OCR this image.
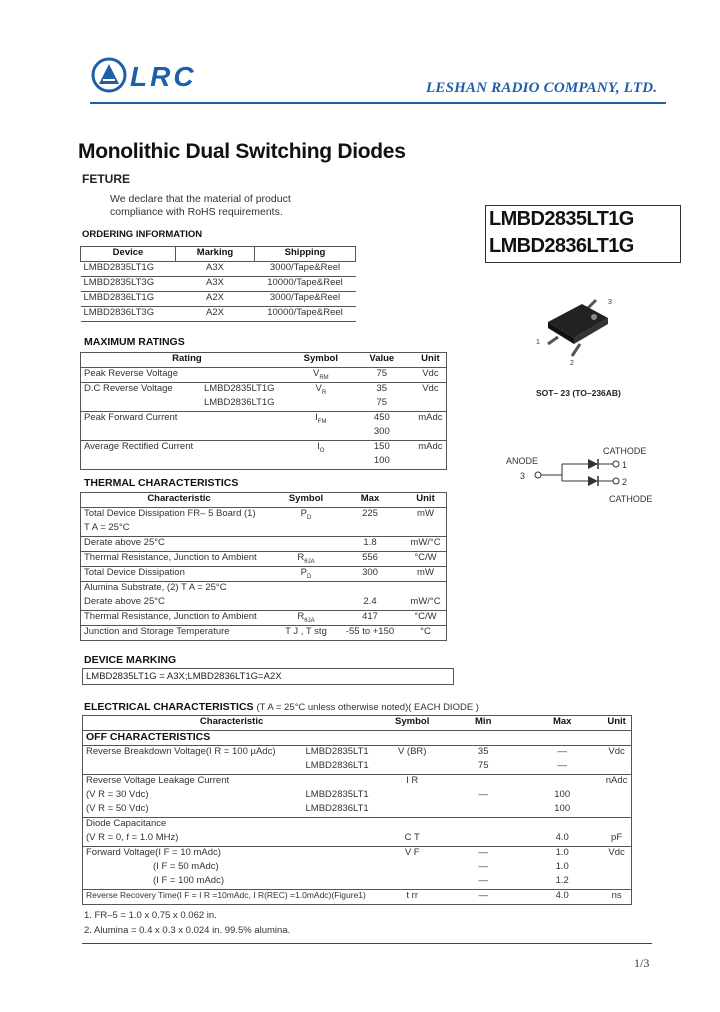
LRC	LESHAN RADIO COMPANY, LTD.
Monolithic Dual Switching Diodes
FETURE
We declare that the material of product
compliance with RoHS requirements.	LMBD2835LT1G
LMBD2836LT1G
ORDERING INFORMATION
Device	Marking	Shipping
LMBD2835LT1G	A3X	3000/Tape&Reel
LMBD2835LT3G	A3X	10000/Tape&Reel
LMBD2836LT1G	A2X	3000/Tape&Reel
LMBD2836LT3G	A2X	10000/Tape&Reel
MAXIMUM RATINGS
Rating		Symbol	Value	Unit
Peak Reverse Voltage		$V_{RM}$	75	Vdc
D.C Reverse Voltage	LMBD2835LT1G	$V_R$	35	Vdc
	LMBD2836LT1G		75	
Peak Forward Current		$I_{FM}$	450	mAdc
			300	
Average Rectified Current		$I_O$	150	mAdc
			100	
3
1
2
SOT– 23 (TO–236AB)
CATHODE
ANODE
3
1
2
CATHODE
THERMAL CHARACTERISTICS
Characteristic	Symbol	Max	Unit
Total Device Dissipation FR– 5 Board (1)	$P_D$	225	mW
T A = 25°C			
Derate above 25°C		1.8	mW/°C
Thermal Resistance, Junction to Ambient	$R_{\theta JA}$	556	°C/W
Total Device Dissipation	$P_D$	300	mW
Alumina Substrate, (2) T A = 25°C			
Derate above 25°C		2.4	mW/°C
Thermal Resistance, Junction to Ambient	$R_{\theta JA}$	417	°C/W
Junction and Storage Temperature	T J , T stg	-55 to +150	°C
DEVICE MARKING
LMBD2835LT1G = A3X;LMBD2836LT1G=A2X
ELECTRICAL CHARACTERISTICS (T A = 25°C unless otherwise noted)( EACH DIODE )
Characteristic		Symbol	Min	Max	Unit
OFF CHARACTERISTICS					
Reverse Breakdown Voltage(I R = 100 µAdc)	LMBD2835LT1	V (BR)	35	—	Vdc
	LMBD2836LT1		75	—	
Reverse Voltage Leakage Current		I R			nAdc
(V R = 30 Vdc)	LMBD2835LT1		—	100	
(V R = 50 Vdc)	LMBD2836LT1			100	
Diode Capacitance					
(V R = 0, f = 1.0 MHz)		C T		4.0	pF
Forward Voltage(I F = 10 mAdc)		V F	—	1.0	Vdc
(I F = 50 mAdc)			—	1.0	
(I F = 100 mAdc)			—	1.2	
Reverse Recovery Time(I F = I R =10mAdc, I R(REC) =1.0mAdc)(Figure1)		t rr	—	4.0	ns
1. FR–5 = 1.0 x 0.75 x 0.062 in.
2. Alumina = 0.4 x 0.3 x 0.024 in. 99.5% alumina.
1/3
